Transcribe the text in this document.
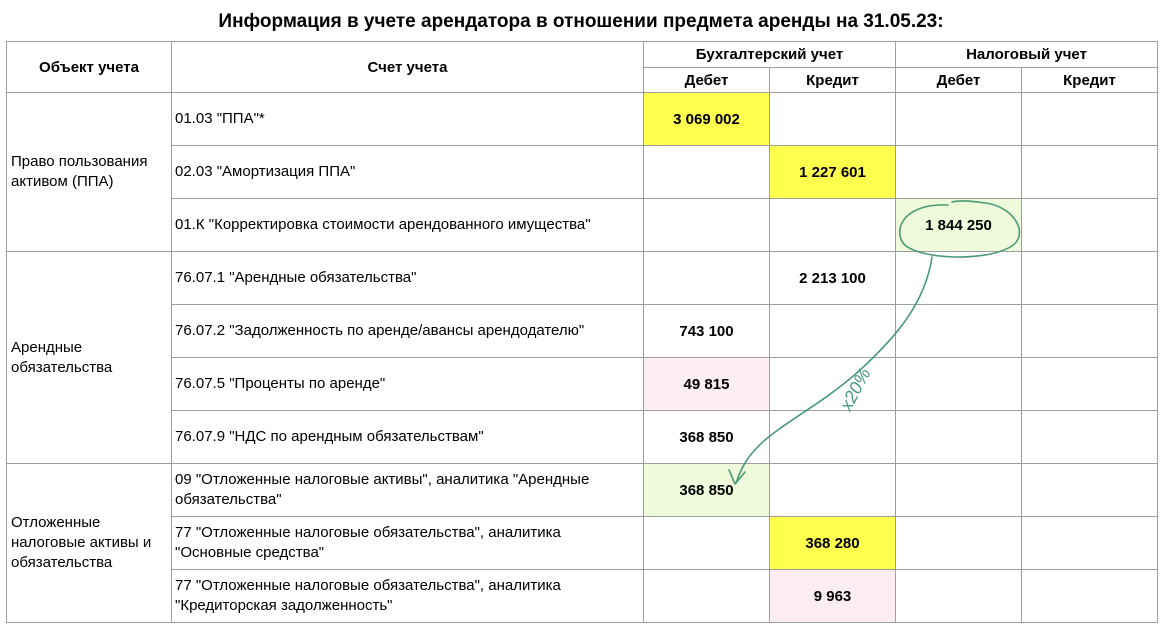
Информация в учете арендатора в отношении предмета аренды на 31.05.23:
Объект учета	Счет учета	Бухгалтерский учет		Налоговый учет	
		Дебет	Кредит	Дебет	Кредит
Право пользования активом (ППА)	01.03 "ППА"*	3 069 002			
	02.03 "Амортизация ППА"		1 227 601		
	01.К "Корректировка стоимости арендованного имущества"			1 844 250	
Арендные обязательства	76.07.1 "Арендные обязательства"		2 213 100		
	76.07.2 "Задолженность по аренде/авансы арендодателю"	743 100			
	76.07.5 "Проценты по аренде"	49 815			
	76.07.9 "НДС по арендным обязательствам"	368 850			
Отложенные налоговые активы и обязательства	09 "Отложенные налоговые активы", аналитика "Арендные обязательства"	368 850			
	77 "Отложенные налоговые обязательства", аналитика "Основные средства"		368 280		
	77 "Отложенные налоговые обязательства", аналитика "Кредиторская задолженность"		9 963		
x20%
